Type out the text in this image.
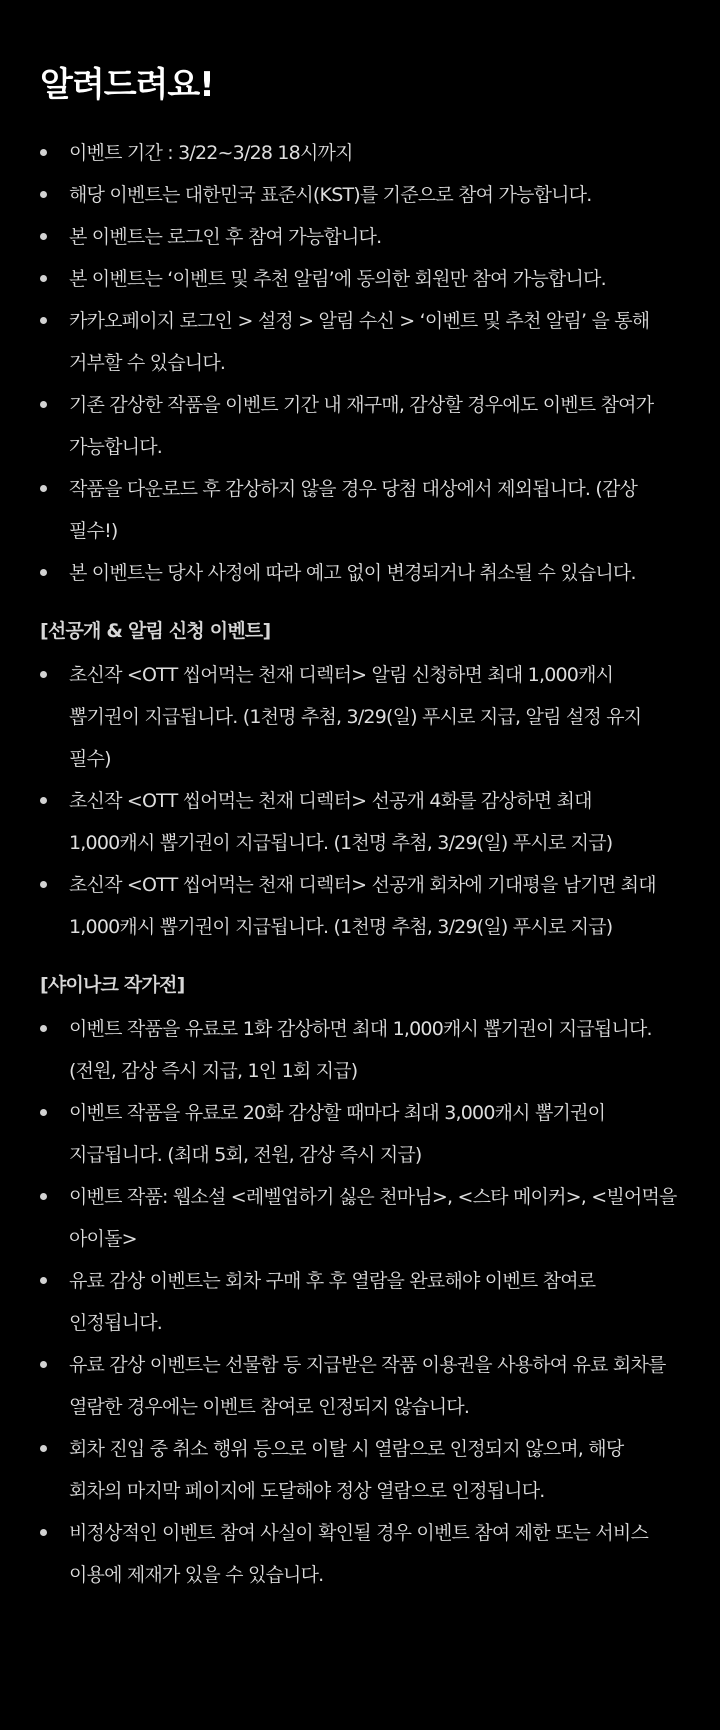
알려드려요!
이벤트 기간 : 3/22~3/28 18시까지
해당 이벤트는 대한민국 표준시(KST)를 기준으로 참여 가능합니다.
본 이벤트는 로그인 후 참여 가능합니다.
본 이벤트는 ‘이벤트 및 추천 알림’에 동의한 회원만 참여 가능합니다.
카카오페이지 로그인 > 설정 > 알림 수신 > ‘이벤트 및 추천 알림’ 을 통해 거부할 수 있습니다.
기존 감상한 작품을 이벤트 기간 내 재구매, 감상할 경우에도 이벤트 참여가 가능합니다.
작품을 다운로드 후 감상하지 않을 경우 당첨 대상에서 제외됩니다. (감상 필수!)
본 이벤트는 당사 사정에 따라 예고 없이 변경되거나 취소될 수 있습니다.
[선공개 & 알림 신청 이벤트]
초신작 <OTT 씹어먹는 천재 디렉터> 알림 신청하면 최대 1,000캐시 뽑기권이 지급됩니다. (1천명 추첨, 3/29(일) 푸시로 지급, 알림 설정 유지 필수)
초신작 <OTT 씹어먹는 천재 디렉터> 선공개 4화를 감상하면 최대 1,000캐시 뽑기권이 지급됩니다. (1천명 추첨, 3/29(일) 푸시로 지급)
초신작 <OTT 씹어먹는 천재 디렉터> 선공개 회차에 기대평을 남기면 최대 1,000캐시 뽑기권이 지급됩니다. (1천명 추첨, 3/29(일) 푸시로 지급)
[샤이나크 작가전]
이벤트 작품을 유료로 1화 감상하면 최대 1,000캐시 뽑기권이 지급됩니다. (전원, 감상 즉시 지급, 1인 1회 지급)
이벤트 작품을 유료로 20화 감상할 때마다 최대 3,000캐시 뽑기권이 지급됩니다. (최대 5회, 전원, 감상 즉시 지급)
이벤트 작품: 웹소설 <레벨업하기 싫은 천마님>, <스타 메이커>, <빌어먹을 아이돌>
유료 감상 이벤트는 회차 구매 후 후 열람을 완료해야 이벤트 참여로 인정됩니다.
유료 감상 이벤트는 선물함 등 지급받은 작품 이용권을 사용하여 유료 회차를 열람한 경우에는 이벤트 참여로 인정되지 않습니다.
회차 진입 중 취소 행위 등으로 이탈 시 열람으로 인정되지 않으며, 해당 회차의 마지막 페이지에 도달해야 정상 열람으로 인정됩니다.
비정상적인 이벤트 참여 사실이 확인될 경우 이벤트 참여 제한 또는 서비스 이용에 제재가 있을 수 있습니다.
